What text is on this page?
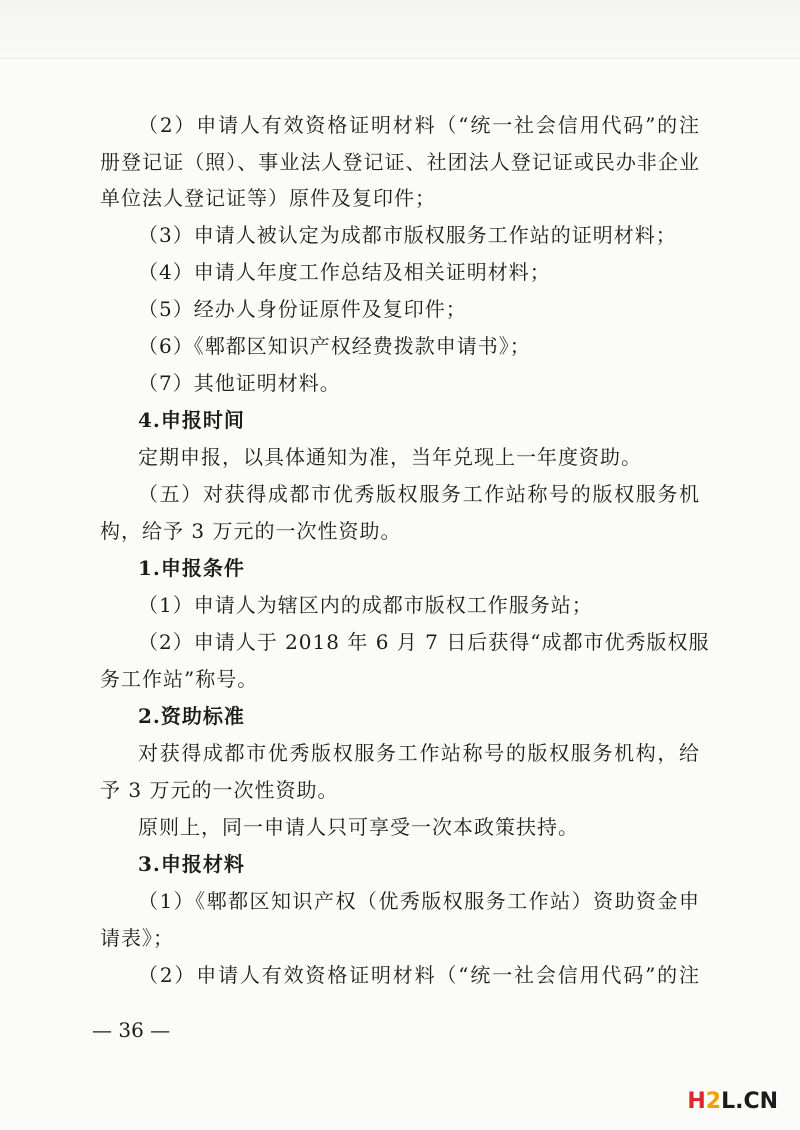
（2）申请人有效资格证明材料（“统一社会信用代码”的注
册登记证（照）、事业法人登记证、社团法人登记证或民办非企业
单位法人登记证等）原件及复印件；
（3）申请人被认定为成都市版权服务工作站的证明材料；
（4）申请人年度工作总结及相关证明材料；
（5）经办人身份证原件及复印件；
（6）《郫都区知识产权经费拨款申请书》；
（7）其他证明材料。
4.申报时间
定期申报，以具体通知为准，当年兑现上一年度资助。
（五）对获得成都市优秀版权服务工作站称号的版权服务机
构，给予 3 万元的一次性资助。
1.申报条件
（1）申请人为辖区内的成都市版权工作服务站；
（2）申请人于 2018 年 6 月 7 日后获得“成都市优秀版权服
务工作站”称号。
2.资助标准
对获得成都市优秀版权服务工作站称号的版权服务机构，给
予 3 万元的一次性资助。
原则上，同一申请人只可享受一次本政策扶持。
3.申报材料
（1）《郫都区知识产权（优秀版权服务工作站）资助资金申
请表》；
（2）申请人有效资格证明材料（“统一社会信用代码”的注
— 36 —
H2L.CN
